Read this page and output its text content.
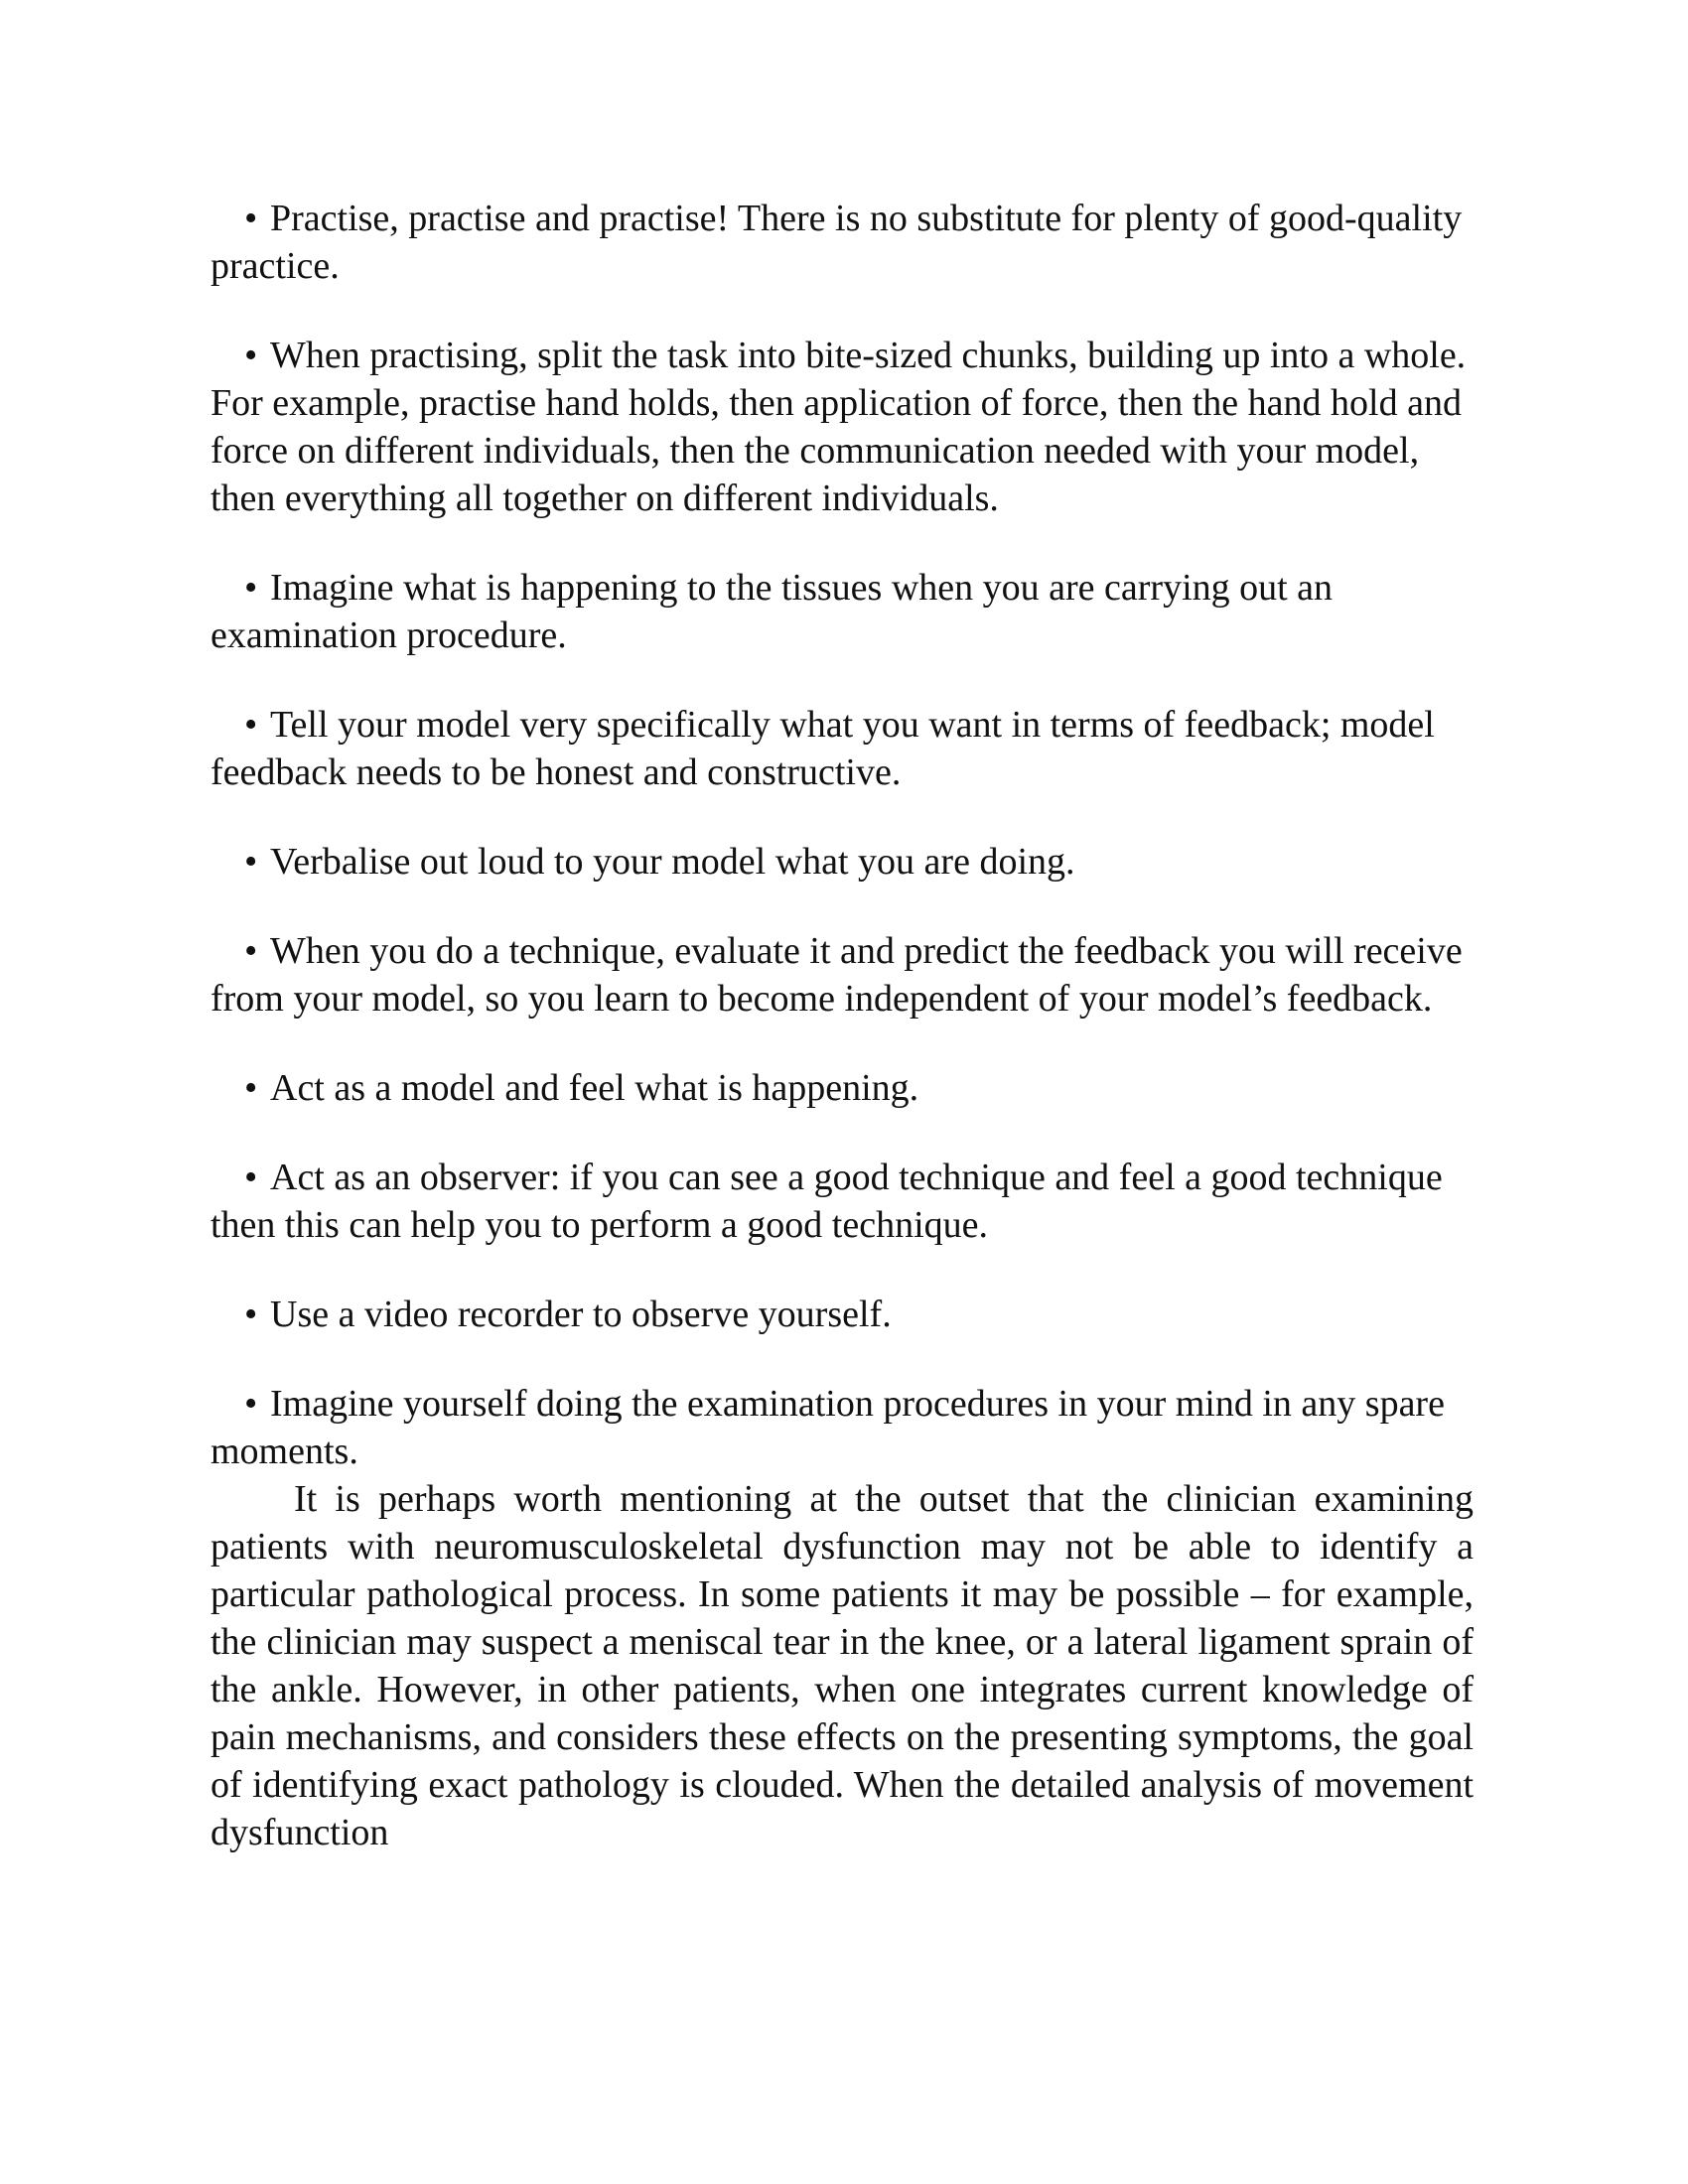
• Practise, practise and practise! There is no substitute for plenty of good-quality practice.

• When practising, split the task into bite-sized chunks, building up into a whole. For example, practise hand holds, then application of force, then the hand hold and force on different individuals, then the communication needed with your model, then everything all together on different individuals.

• Imagine what is happening to the tissues when you are carrying out an examination procedure.

• Tell your model very specifically what you want in terms of feedback; model feedback needs to be honest and constructive.

• Verbalise out loud to your model what you are doing.

• When you do a technique, evaluate it and predict the feedback you will receive from your model, so you learn to become independent of your model’s feedback.

• Act as a model and feel what is happening.

• Act as an observer: if you can see a good technique and feel a good technique then this can help you to perform a good technique.

• Use a video recorder to observe yourself.

• Imagine yourself doing the examination procedures in your mind in any spare moments.

It is perhaps worth mentioning at the outset that the clinician examining patients with neuromusculoskeletal dysfunction may not be able to identify a particular pathological process. In some patients it may be possible – for example, the clinician may suspect a meniscal tear in the knee, or a lateral ligament sprain of the ankle. However, in other patients, when one integrates current knowledge of pain mechanisms, and considers these effects on the presenting symptoms, the goal of identifying exact pathology is clouded. When the detailed analysis of movement dysfunction
